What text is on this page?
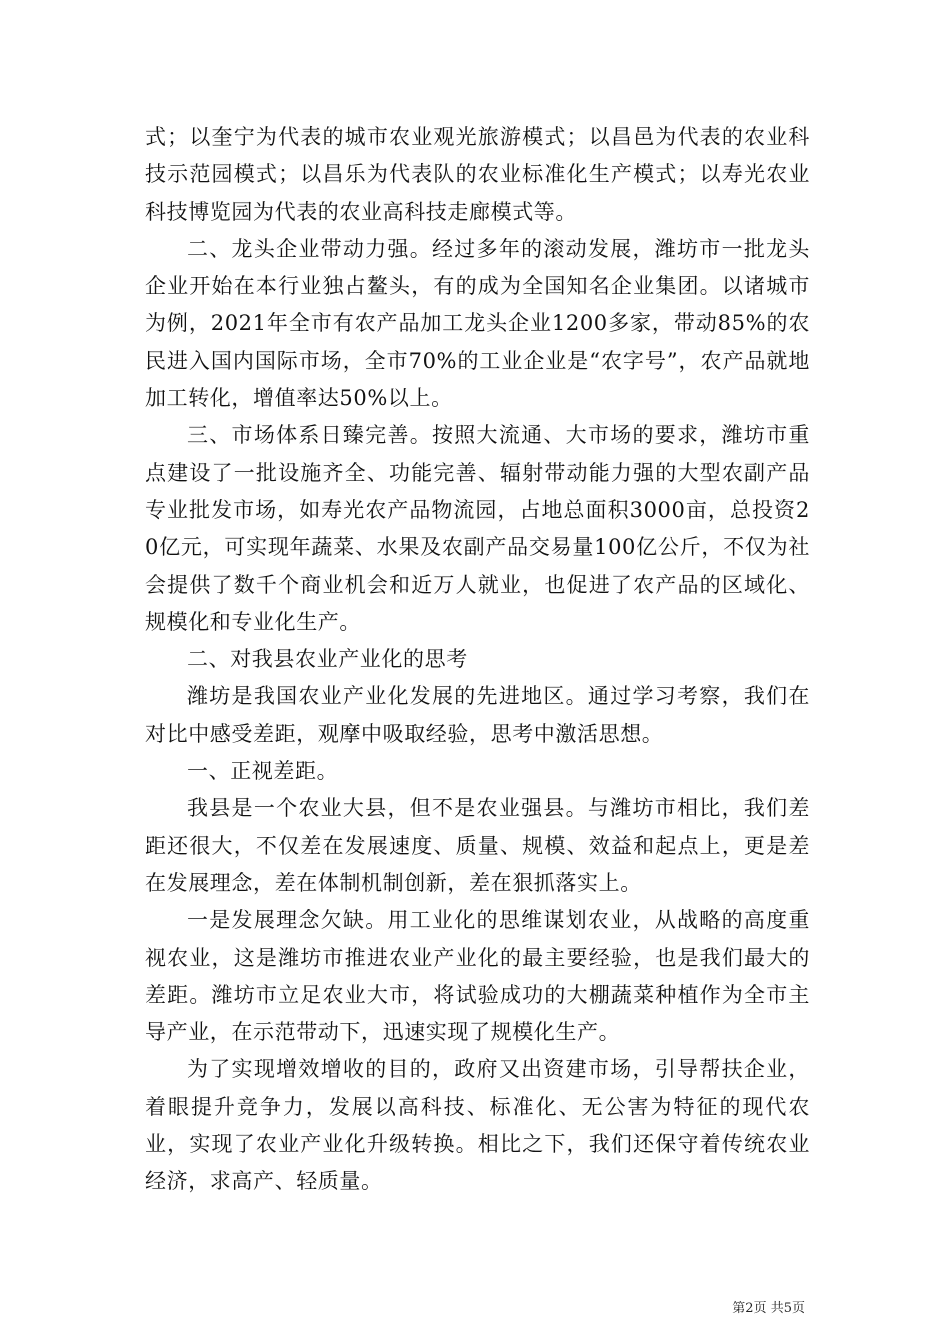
式；以奎宁为代表的城市农业观光旅游模式；以昌邑为代表的农业科技示范园模式；以昌乐为代表队的农业标准化生产模式；以寿光农业科技博览园为代表的农业高科技走廊模式等。

二、龙头企业带动力强。经过多年的滚动发展，潍坊市一批龙头企业开始在本行业独占鳌头，有的成为全国知名企业集团。以诸城市为例，2021年全市有农产品加工龙头企业1200多家，带动85%的农民进入国内国际市场，全市70%的工业企业是“农字号”，农产品就地加工转化，增值率达50%以上。

三、市场体系日臻完善。按照大流通、大市场的要求，潍坊市重点建设了一批设施齐全、功能完善、辐射带动能力强的大型农副产品专业批发市场，如寿光农产品物流园，占地总面积3000亩，总投资20亿元，可实现年蔬菜、水果及农副产品交易量100亿公斤，不仅为社会提供了数千个商业机会和近万人就业，也促进了农产品的区域化、规模化和专业化生产。

二、对我县农业产业化的思考

潍坊是我国农业产业化发展的先进地区。通过学习考察，我们在对比中感受差距，观摩中吸取经验，思考中激活思想。

一、正视差距。

我县是一个农业大县，但不是农业强县。与潍坊市相比，我们差距还很大，不仅差在发展速度、质量、规模、效益和起点上，更是差在发展理念，差在体制机制创新，差在狠抓落实上。

一是发展理念欠缺。用工业化的思维谋划农业，从战略的高度重视农业，这是潍坊市推进农业产业化的最主要经验，也是我们最大的差距。潍坊市立足农业大市，将试验成功的大棚蔬菜种植作为全市主导产业，在示范带动下，迅速实现了规模化生产。

为了实现增效增收的目的，政府又出资建市场，引导帮扶企业，着眼提升竞争力，发展以高科技、标准化、无公害为特征的现代农业，实现了农业产业化升级转换。相比之下，我们还保守着传统农业经济，求高产、轻质量。

第2页 共5页
